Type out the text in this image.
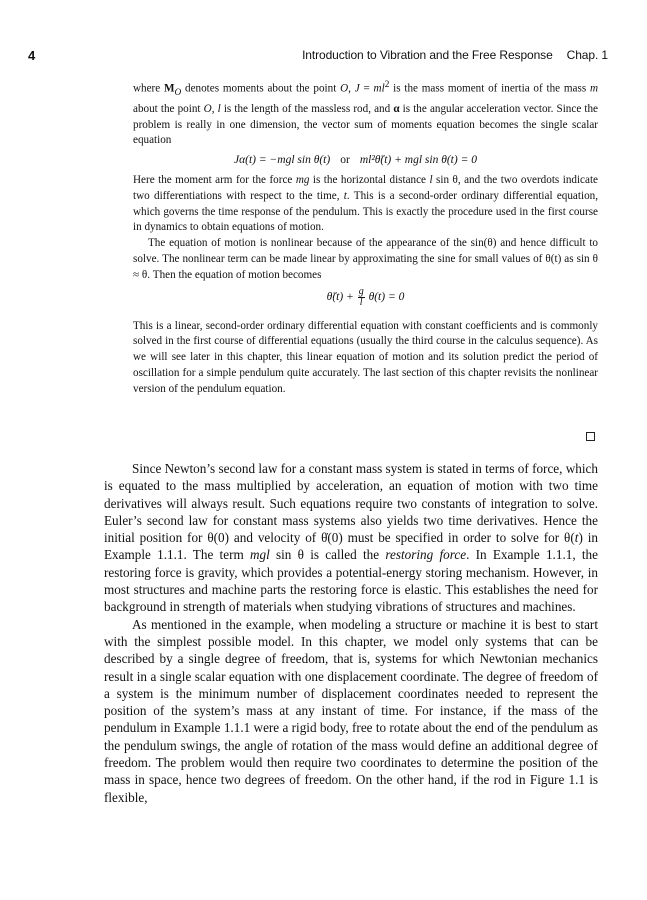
4	Introduction to Vibration and the Free Response Chap. 1

where $M_O$ denotes moments about the point O, $J = ml^2$ is the mass moment of inertia of the mass m about the point O, l is the length of the massless rod, and α is the angular acceleration vector. Since the problem is really in one dimension, the vector sum of moments equation becomes the single scalar equation

Jα(t) = −mgl sin θ(t) or ml²θ̈(t) + mgl sin θ(t) = 0

Here the moment arm for the force mg is the horizontal distance l sin θ, and the two overdots indicate two differentiations with respect to the time, t. This is a second-order ordinary differential equation, which governs the time response of the pendulum. This is exactly the procedure used in the first course in dynamics to obtain equations of motion.

The equation of motion is nonlinear because of the appearance of the sin(θ) and hence difficult to solve. The nonlinear term can be made linear by approximating the sine for small values of θ(t) as sin θ ≈ θ. Then the equation of motion becomes

θ̈(t) + $\frac{g}{l} \theta(t) = 0$

This is a linear, second-order ordinary differential equation with constant coefficients and is commonly solved in the first course of differential equations (usually the third course in the calculus sequence). As we will see later in this chapter, this linear equation of motion and its solution predict the period of oscillation for a simple pendulum quite accurately. The last section of this chapter revisits the nonlinear version of the pendulum equation.

Since Newton’s second law for a constant mass system is stated in terms of force, which is equated to the mass multiplied by acceleration, an equation of motion with two time derivatives will always result. Such equations require two constants of integration to solve. Euler’s second law for constant mass systems also yields two time derivatives. Hence the initial position for θ(0) and velocity of θ̇(0) must be specified in order to solve for θ(t) in Example 1.1.1. The term mgl sin θ is called the restoring force. In Example 1.1.1, the restoring force is gravity, which provides a potential-energy storing mechanism. However, in most structures and machine parts the restoring force is elastic. This establishes the need for background in strength of materials when studying vibrations of structures and machines.

As mentioned in the example, when modeling a structure or machine it is best to start with the simplest possible model. In this chapter, we model only systems that can be described by a single degree of freedom, that is, systems for which Newtonian mechanics result in a single scalar equation with one displacement coordinate. The degree of freedom of a system is the minimum number of displacement coordinates needed to represent the position of the system’s mass at any instant of time. For instance, if the mass of the pendulum in Example 1.1.1 were a rigid body, free to rotate about the end of the pendulum as the pendulum swings, the angle of rotation of the mass would define an additional degree of freedom. The problem would then require two coordinates to determine the position of the mass in space, hence two degrees of freedom. On the other hand, if the rod in Figure 1.1 is flexible,
